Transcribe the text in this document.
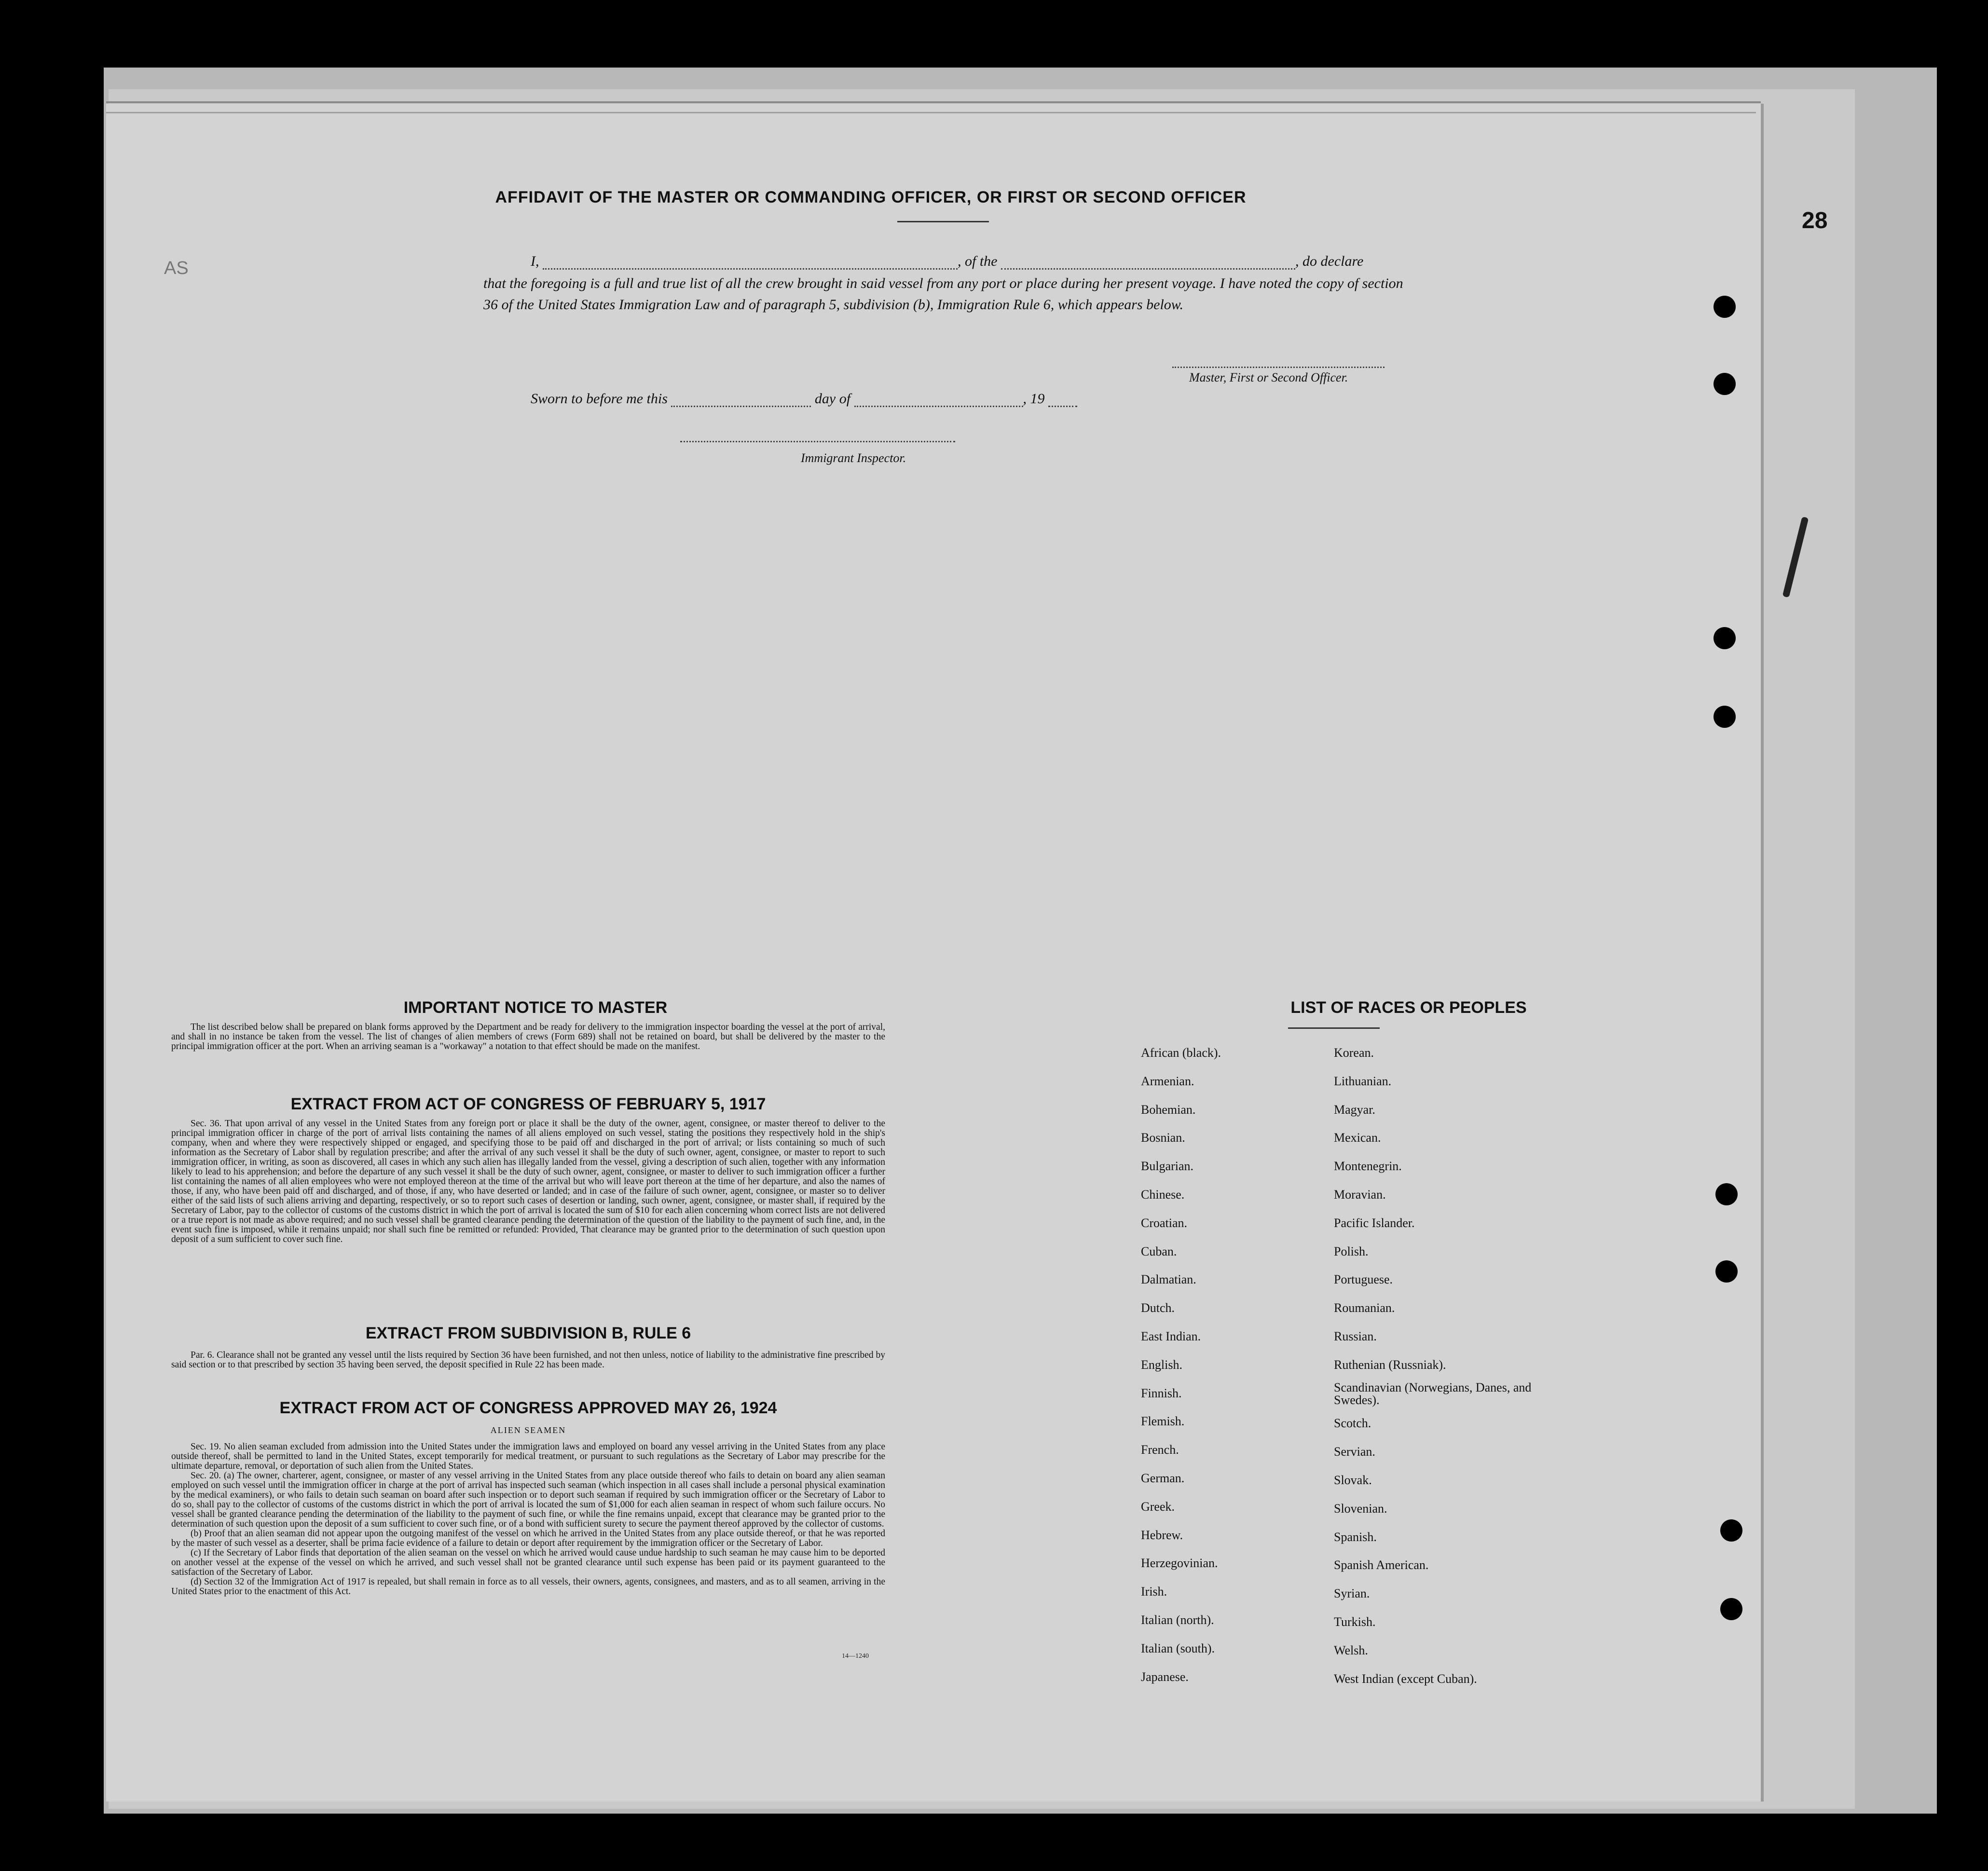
28
AS
AFFIDAVIT OF THE MASTER OR COMMANDING OFFICER, OR FIRST OR SECOND OFFICER
I,	, of the	, do declare
that the foregoing is a full and true list of all the crew brought in said vessel from any port or place during her present voyage. I have noted the copy of section 36 of the United States Immigration Law and of paragraph 5, subdivision (b), Immigration Rule 6, which appears below.
Master, First or Second Officer.
Sworn to before me this	day of	, 19
Immigrant Inspector.
IMPORTANT NOTICE TO MASTER
The list described below shall be prepared on blank forms approved by the Department and be ready for delivery to the immigration inspector boarding the vessel at the port of arrival, and shall in no instance be taken from the vessel. The list of changes of alien members of crews (Form 689) shall not be retained on board, but shall be delivered by the master to the principal immigration officer at the port. When an arriving seaman is a "workaway" a notation to that effect should be made on the manifest.
EXTRACT FROM ACT OF CONGRESS OF FEBRUARY 5, 1917
Sec. 36. That upon arrival of any vessel in the United States from any foreign port or place it shall be the duty of the owner, agent, consignee, or master thereof to deliver to the principal immigration officer in charge of the port of arrival lists containing the names of all aliens employed on such vessel, stating the positions they respectively hold in the ship's company, when and where they were respectively shipped or engaged, and specifying those to be paid off and discharged in the port of arrival; or lists containing so much of such information as the Secretary of Labor shall by regulation prescribe; and after the arrival of any such vessel it shall be the duty of such owner, agent, consignee, or master to report to such immigration officer, in writing, as soon as discovered, all cases in which any such alien has illegally landed from the vessel, giving a description of such alien, together with any information likely to lead to his apprehension; and before the departure of any such vessel it shall be the duty of such owner, agent, consignee, or master to deliver to such immigration officer a further list containing the names of all alien employees who were not employed thereon at the time of the arrival but who will leave port thereon at the time of her departure, and also the names of those, if any, who have been paid off and discharged, and of those, if any, who have deserted or landed; and in case of the failure of such owner, agent, consignee, or master so to deliver either of the said lists of such aliens arriving and departing, respectively, or so to report such cases of desertion or landing, such owner, agent, consignee, or master shall, if required by the Secretary of Labor, pay to the collector of customs of the customs district in which the port of arrival is located the sum of $10 for each alien concerning whom correct lists are not delivered or a true report is not made as above required; and no such vessel shall be granted clearance pending the determination of the question of the liability to the payment of such fine, and, in the event such fine is imposed, while it remains unpaid; nor shall such fine be remitted or refunded: Provided, That clearance may be granted prior to the determination of such question upon deposit of a sum sufficient to cover such fine.
EXTRACT FROM SUBDIVISION B, RULE 6
Par. 6. Clearance shall not be granted any vessel until the lists required by Section 36 have been furnished, and not then unless, notice of liability to the administrative fine prescribed by said section or to that prescribed by section 35 having been served, the deposit specified in Rule 22 has been made.
EXTRACT FROM ACT OF CONGRESS APPROVED MAY 26, 1924
ALIEN SEAMEN
Sec. 19. No alien seaman excluded from admission into the United States under the immigration laws and employed on board any vessel arriving in the United States from any place outside thereof, shall be permitted to land in the United States, except temporarily for medical treatment, or pursuant to such regulations as the Secretary of Labor may prescribe for the ultimate departure, removal, or deportation of such alien from the United States.
Sec. 20. (a) The owner, charterer, agent, consignee, or master of any vessel arriving in the United States from any place outside thereof who fails to detain on board any alien seaman employed on such vessel until the immigration officer in charge at the port of arrival has inspected such seaman (which inspection in all cases shall include a personal physical examination by the medical examiners), or who fails to detain such seaman on board after such inspection or to deport such seaman if required by such immigration officer or the Secretary of Labor to do so, shall pay to the collector of customs of the customs district in which the port of arrival is located the sum of $1,000 for each alien seaman in respect of whom such failure occurs. No vessel shall be granted clearance pending the determination of the liability to the payment of such fine, or while the fine remains unpaid, except that clearance may be granted prior to the determination of such question upon the deposit of a sum sufficient to cover such fine, or of a bond with sufficient surety to secure the payment thereof approved by the collector of customs.
(b) Proof that an alien seaman did not appear upon the outgoing manifest of the vessel on which he arrived in the United States from any place outside thereof, or that he was reported by the master of such vessel as a deserter, shall be prima facie evidence of a failure to detain or deport after requirement by the immigration officer or the Secretary of Labor.
(c) If the Secretary of Labor finds that deportation of the alien seaman on the vessel on which he arrived would cause undue hardship to such seaman he may cause him to be deported on another vessel at the expense of the vessel on which he arrived, and such vessel shall not be granted clearance until such expense has been paid or its payment guaranteed to the satisfaction of the Secretary of Labor.
(d) Section 32 of the Immigration Act of 1917 is repealed, but shall remain in force as to all vessels, their owners, agents, consignees, and masters, and as to all seamen, arriving in the United States prior to the enactment of this Act.
14—1240
LIST OF RACES OR PEOPLES
African (black).
Armenian.
Bohemian.
Bosnian.
Bulgarian.
Chinese.
Croatian.
Cuban.
Dalmatian.
Dutch.
East Indian.
English.
Finnish.
Flemish.
French.
German.
Greek.
Hebrew.
Herzegovinian.
Irish.
Italian (north).
Italian (south).
Japanese.
Korean.
Lithuanian.
Magyar.
Mexican.
Montenegrin.
Moravian.
Pacific Islander.
Polish.
Portuguese.
Roumanian.
Russian.
Ruthenian (Russniak).
Scandinavian (Norwegians, Danes, and Swedes).
Scotch.
Servian.
Slovak.
Slovenian.
Spanish.
Spanish American.
Syrian.
Turkish.
Welsh.
West Indian (except Cuban).
